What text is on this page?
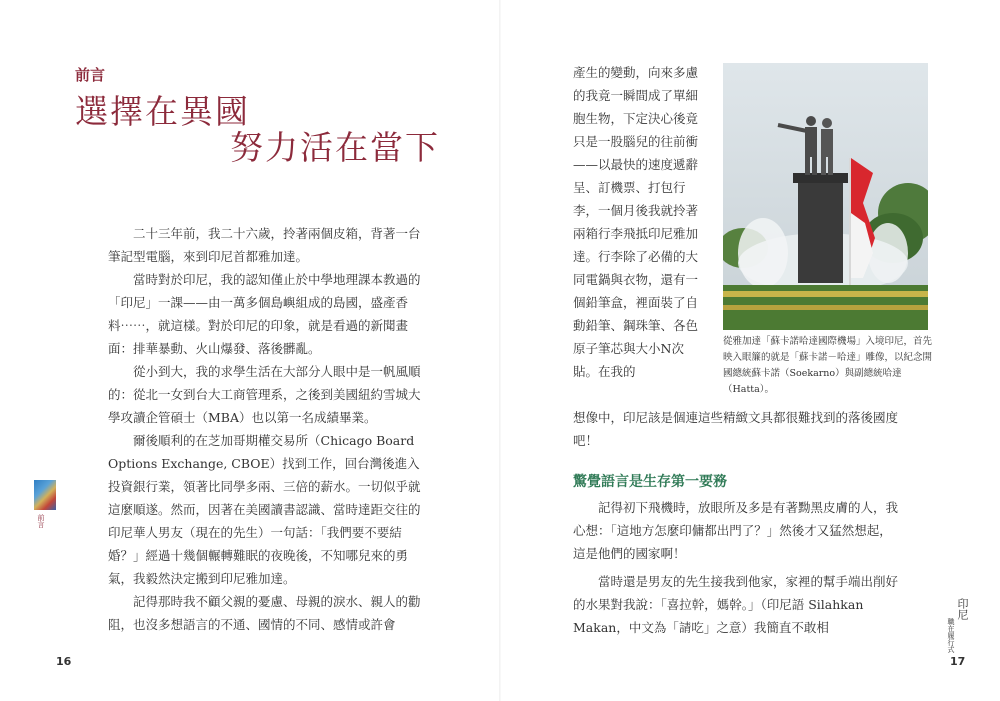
前言
選擇在異國
努力活在當下

二十三年前，我二十六歲，拎著兩個皮箱，背著一台筆記型電腦，來到印尼首都雅加達。

當時對於印尼，我的認知僅止於中學地理課本教過的「印尼」一課——由一萬多個島嶼組成的島國，盛產香料⋯⋯，就這樣。對於印尼的印象，就是看過的新聞畫面：排華暴動、火山爆發、落後髒亂。

從小到大，我的求學生活在大部分人眼中是一帆風順的：從北一女到台大工商管理系，之後到美國紐約雪城大學攻讀企管碩士（MBA）也以第一名成績畢業。

爾後順利的在芝加哥期權交易所（Chicago Board Options Exchange, CBOE）找到工作，回台灣後進入投資銀行業，領著比同學多兩、三倍的薪水。一切似乎就這麼順遂。然而，因著在美國讀書認識、當時達距交往的印尼華人男友（現在的先生）一句話：「我們要不要結婚？」經過十幾個輾轉難眠的夜晚後，不知哪兒來的勇氣，我毅然決定搬到印尼雅加達。

記得那時我不顧父親的憂慮、母親的淚水、親人的勸阻，也沒多想語言的不通、國情的不同、感情或許會

前言
16

產生的變動，向來多慮的我竟一瞬間成了單細胞生物，下定決心後竟只是一股腦兒的往前衝——以最快的速度遞辭呈、訂機票、打包行李，一個月後我就拎著兩箱行李飛抵印尼雅加達。行李除了必備的大同電鍋與衣物，還有一個鉛筆盒，裡面裝了自動鉛筆、鋼珠筆、各色原子筆芯與大小N次貼。在我的

想像中，印尼該是個連這些精緻文具都很難找到的落後國度吧！

從雅加達「蘇卡諾哈達國際機場」入境印尼，首先映入眼簾的就是「蘇卡諾－哈達」雕像，以紀念開國總統蘇卡諾（Soekarno）與副總統哈達（Hatta）。

驚覺語言是生存第一要務

記得初下飛機時，放眼所及多是有著黝黑皮膚的人，我心想：「這地方怎麼印傭都出門了？」然後才又猛然想起，這是他們的國家啊！

當時還是男友的先生接我到他家，家裡的幫手端出削好的水果對我說：「喜拉幹，媽幹。」（印尼語 Silahkan Makan，中文為「請吃」之意）我簡直不敢相

印尼
職在履行式
17
